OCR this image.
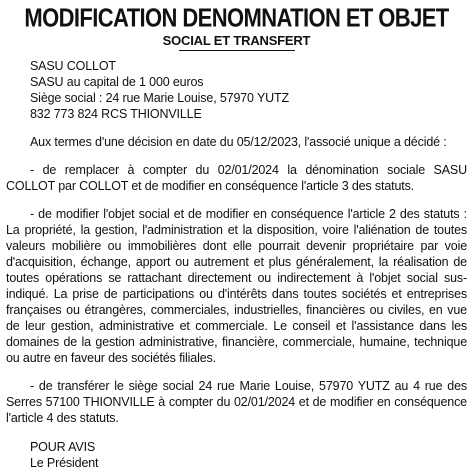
MODIFICATION DENOMNATION ET OBJET
SOCIAL ET TRANSFERT
SASU COLLOT
SASU au capital de 1 000 euros
Siège social : 24 rue Marie Louise, 57970 YUTZ
832 773 824 RCS THIONVILLE

Aux termes d'une décision en date du 05/12/2023, l'associé unique a décidé :

- de remplacer à compter du 02/01/2024 la dénomination sociale SASU COLLOT par COLLOT et de modifier en conséquence l'article 3 des statuts.

- de modifier l'objet social et de modifier en conséquence l'article 2 des statuts : La propriété, la gestion, l'administration et la disposition, voire l'aliénation de toutes valeurs mobilière ou immobilières dont elle pourrait devenir propriétaire par voie d'acquisition, échange, apport ou autrement et plus généralement, la réalisation de toutes opérations se rattachant directement ou indirectement à l'objet social sus-indiqué. La prise de participations ou d'intérêts dans toutes sociétés et entreprises françaises ou étrangères, commerciales, industrielles, financières ou civiles, en vue de leur gestion, administrative et commerciale. Le conseil et l'assistance dans les domaines de la gestion administrative, financière, commerciale, humaine, technique ou autre en faveur des sociétés filiales.

- de transférer le siège social 24 rue Marie Louise, 57970 YUTZ au 4 rue des Serres 57100 THIONVILLE à compter du 02/01/2024 et de modifier en conséquence l'article 4 des statuts.

POUR AVIS
Le Président
